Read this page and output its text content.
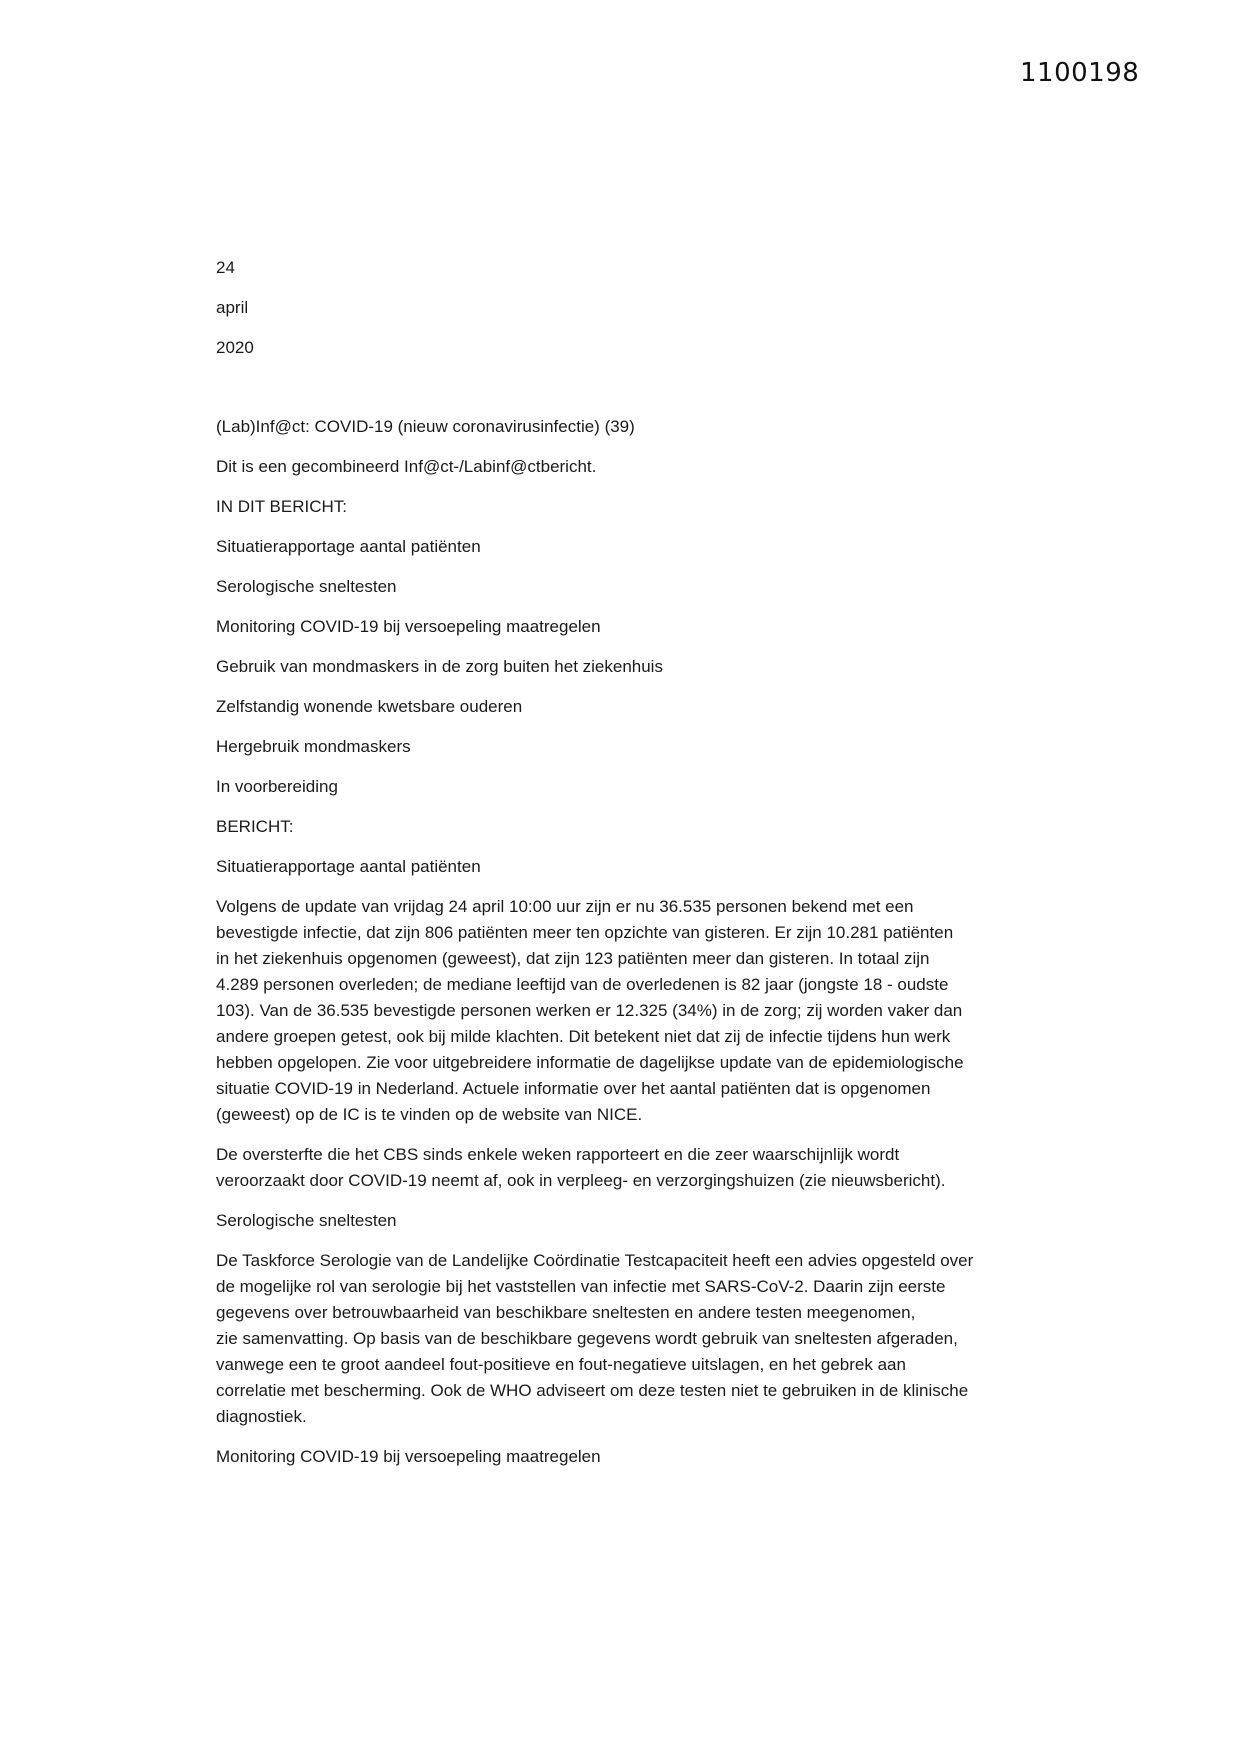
1100198
24
april
2020
(Lab)Inf@ct: COVID-19 (nieuw coronavirusinfectie) (39)
Dit is een gecombineerd Inf@ct-/Labinf@ctbericht.
IN DIT BERICHT:
Situatierapportage aantal patiënten
Serologische sneltesten
Monitoring COVID-19 bij versoepeling maatregelen
Gebruik van mondmaskers in de zorg buiten het ziekenhuis
Zelfstandig wonende kwetsbare ouderen
Hergebruik mondmaskers
In voorbereiding
BERICHT:
Situatierapportage aantal patiënten
Volgens de update van vrijdag 24 april 10:00 uur zijn er nu 36.535 personen bekend met een
bevestigde infectie, dat zijn 806 patiënten meer ten opzichte van gisteren. Er zijn 10.281 patiënten
in het ziekenhuis opgenomen (geweest), dat zijn 123 patiënten meer dan gisteren. In totaal zijn
4.289 personen overleden; de mediane leeftijd van de overledenen is 82 jaar (jongste 18 - oudste
103). Van de 36.535 bevestigde personen werken er 12.325 (34%) in de zorg; zij worden vaker dan
andere groepen getest, ook bij milde klachten. Dit betekent niet dat zij de infectie tijdens hun werk
hebben opgelopen. Zie voor uitgebreidere informatie de dagelijkse update van de epidemiologische
situatie COVID-19 in Nederland. Actuele informatie over het aantal patiënten dat is opgenomen
(geweest) op de IC is te vinden op de website van NICE.
De oversterfte die het CBS sinds enkele weken rapporteert en die zeer waarschijnlijk wordt
veroorzaakt door COVID-19 neemt af, ook in verpleeg- en verzorgingshuizen (zie nieuwsbericht).
Serologische sneltesten
De Taskforce Serologie van de Landelijke Coördinatie Testcapaciteit heeft een advies opgesteld over
de mogelijke rol van serologie bij het vaststellen van infectie met SARS-CoV-2. Daarin zijn eerste
gegevens over betrouwbaarheid van beschikbare sneltesten en andere testen meegenomen,
zie samenvatting. Op basis van de beschikbare gegevens wordt gebruik van sneltesten afgeraden,
vanwege een te groot aandeel fout-positieve en fout-negatieve uitslagen, en het gebrek aan
correlatie met bescherming. Ook de WHO adviseert om deze testen niet te gebruiken in de klinische
diagnostiek.
Monitoring COVID-19 bij versoepeling maatregelen
